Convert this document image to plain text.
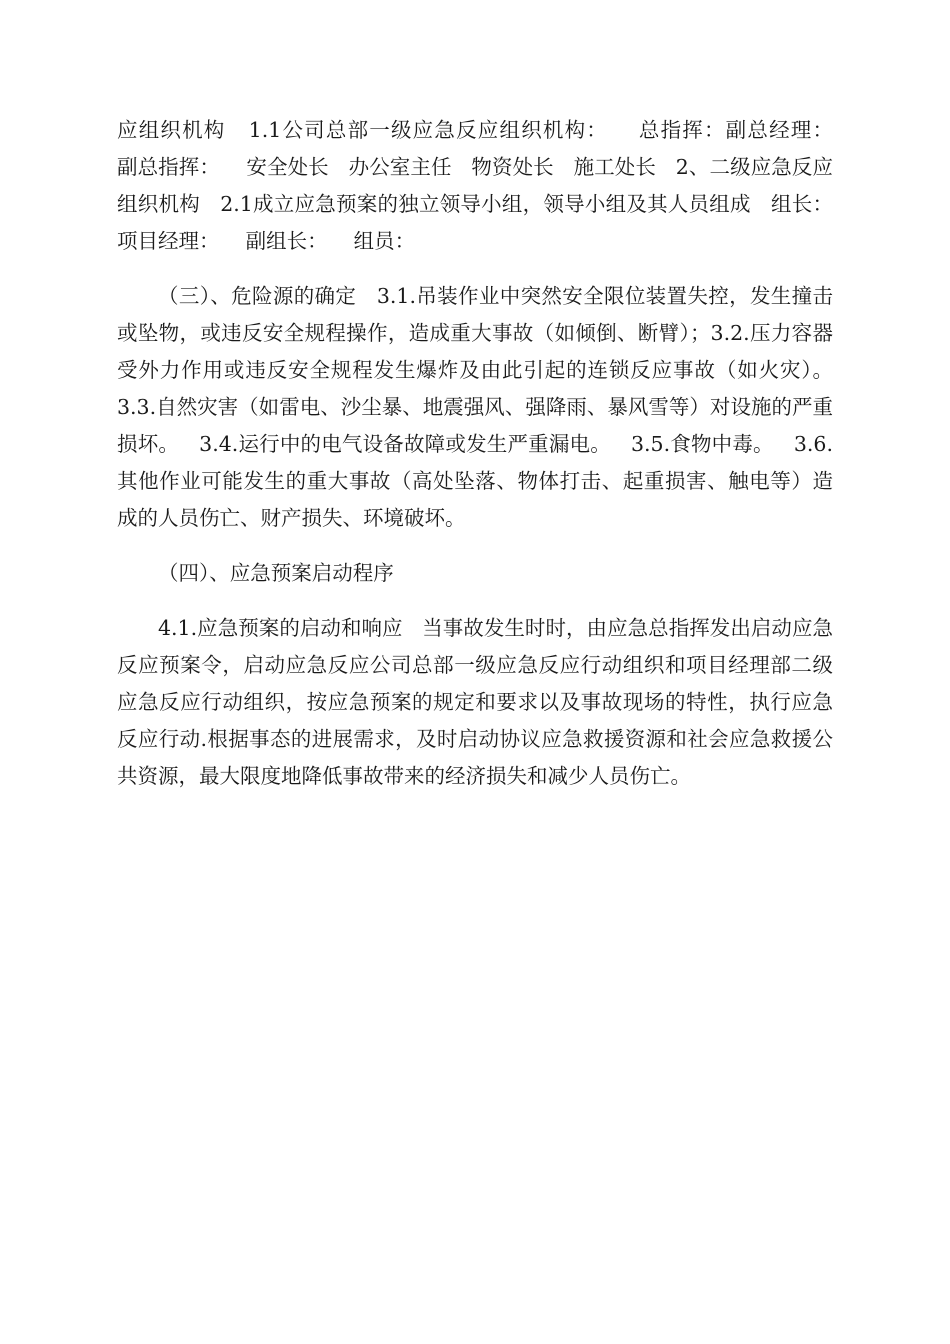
应组织机构   1.1公司总部一级应急反应组织机构：    总指挥：副总经理：    副总指挥：    安全处长   办公室主任   物资处长   施工处长   2、二级应急反应组织机构   2.1成立应急预案的独立领导小组，领导小组及其人员组成   组长：项目经理：    副组长：    组员：

（三）、危险源的确定   3.1.吊装作业中突然安全限位装置失控，发生撞击或坠物，或违反安全规程操作，造成重大事故（如倾倒、断臂）；3.2.压力容器受外力作用或违反安全规程发生爆炸及由此引起的连锁反应事故（如火灾）。   3.3.自然灾害（如雷电、沙尘暴、地震强风、强降雨、暴风雪等）对设施的严重损坏。   3.4.运行中的电气设备故障或发生严重漏电。   3.5.食物中毒。   3.6.其他作业可能发生的重大事故（高处坠落、物体打击、起重损害、触电等）造成的人员伤亡、财产损失、环境破坏。

（四）、应急预案启动程序

4.1.应急预案的启动和响应   当事故发生时时，由应急总指挥发出启动应急反应预案令，启动应急反应公司总部一级应急反应行动组织和项目经理部二级应急反应行动组织，按应急预案的规定和要求以及事故现场的特性，执行应急反应行动.根据事态的进展需求，及时启动协议应急救援资源和社会应急救援公共资源，最大限度地降低事故带来的经济损失和减少人员伤亡。
